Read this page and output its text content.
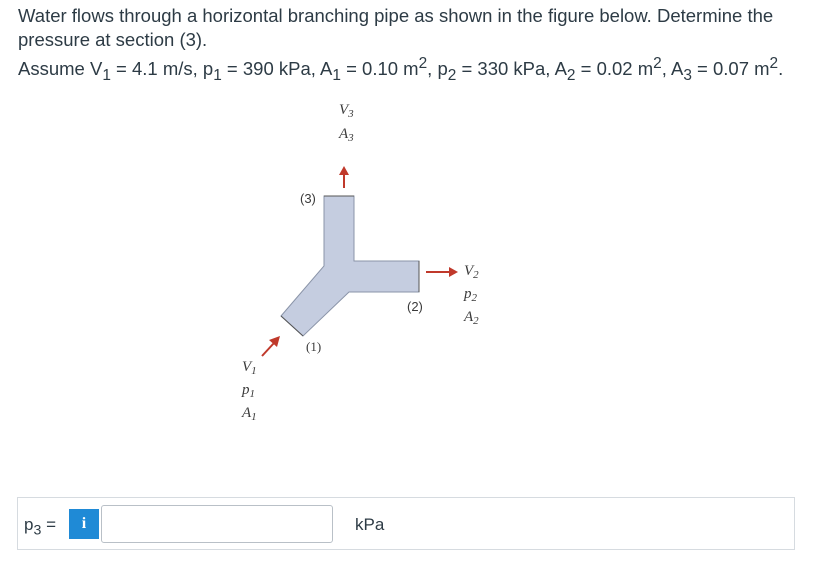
Water flows through a horizontal branching pipe as shown in the figure below. Determine the pressure at section (3).

Assume $V_1 = 4.1$ m/s, $p_1 = 390$ kPa, $A_1 = 0.10$ $m^2$, $p_2 = 330$ kPa, $A_2 = 0.02$ $m^2$, $A_3 = 0.07$ $m^2$.

$V_3$
$A_3$
(3)
$V_2$
$p_2$
$A_2$
(2)
(1)
$V_1$
$p_1$
$A_1$
$p_3$ =	i	kPa
